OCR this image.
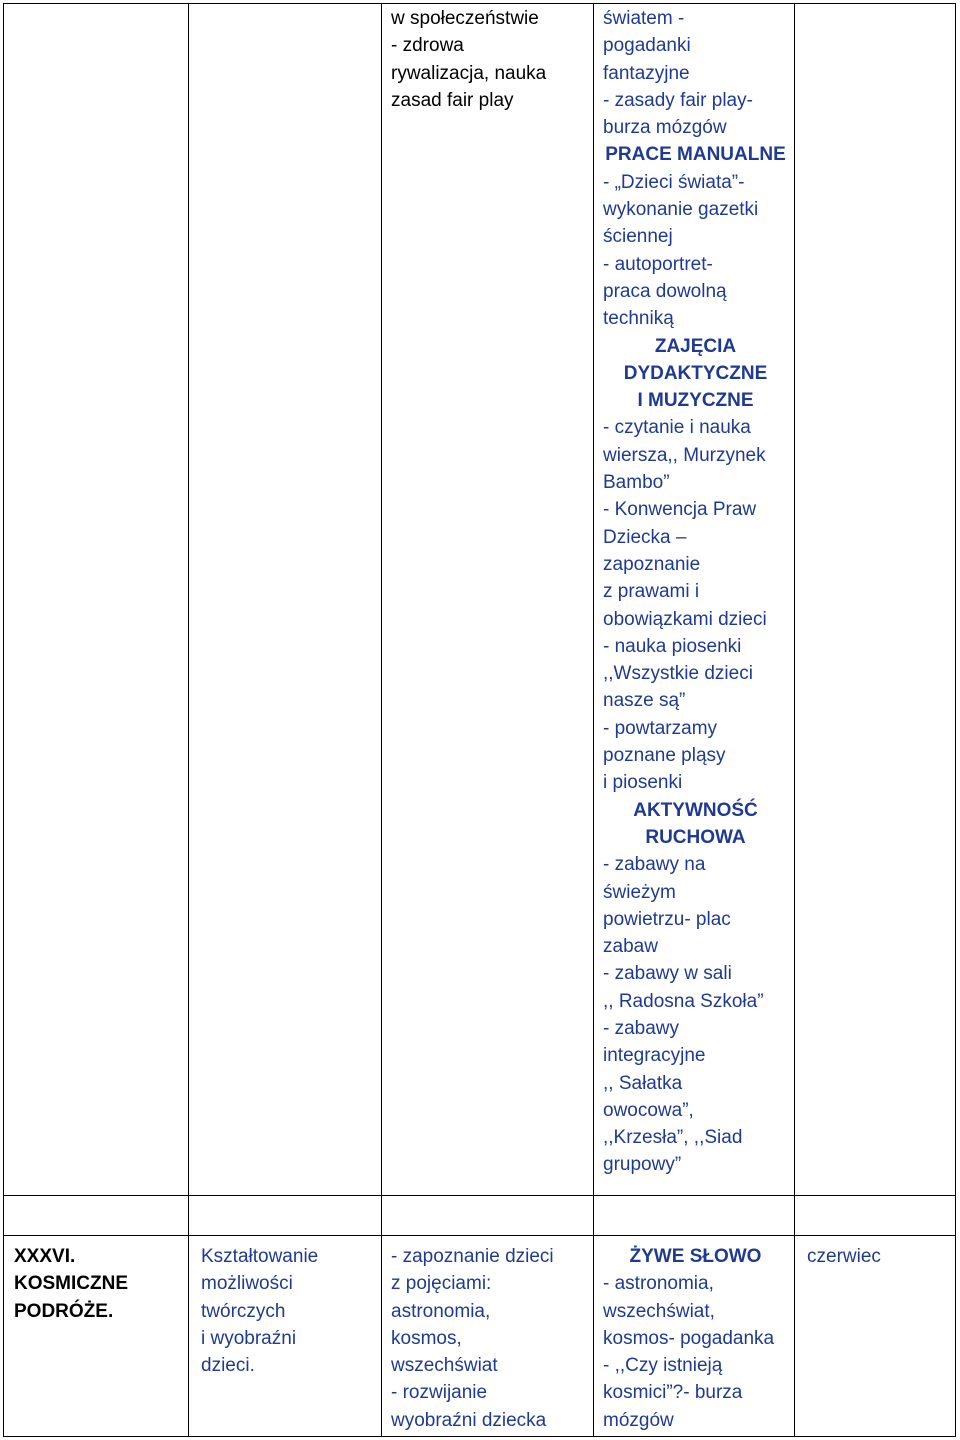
w społeczeństwie
- zdrowa
rywalizacja, nauka
zasad fair play
światem -
pogadanki
fantazyjne
- zasady fair play-
burza mózgów
PRACE MANUALNE
- „Dzieci świata”-
wykonanie gazetki
ściennej
- autoportret-
praca dowolną
techniką
ZAJĘCIA
DYDAKTYCZNE
I MUZYCZNE
- czytanie i nauka
wiersza,, Murzynek
Bambo”
- Konwencja Praw
Dziecka –
zapoznanie
z prawami i
obowiązkami dzieci
- nauka piosenki
,,Wszystkie dzieci
nasze są”
- powtarzamy
poznane pląsy
i piosenki
AKTYWNOŚĆ
RUCHOWA
- zabawy na
świeżym
powietrzu- plac
zabaw
- zabawy w sali
,, Radosna Szkoła”
- zabawy
integracyjne
,, Sałatka
owocowa”,
,,Krzesła”, ,,Siad
grupowy”
XXXVI.
KOSMICZNE
PODRÓŻE.
Kształtowanie
możliwości
twórczych
i wyobraźni
dzieci.
- zapoznanie dzieci
z pojęciami:
astronomia,
kosmos,
wszechświat
- rozwijanie
wyobraźni dziecka
ŻYWE SŁOWO
- astronomia,
wszechświat,
kosmos- pogadanka
- ,,Czy istnieją
kosmici”?- burza
mózgów
czerwiec
